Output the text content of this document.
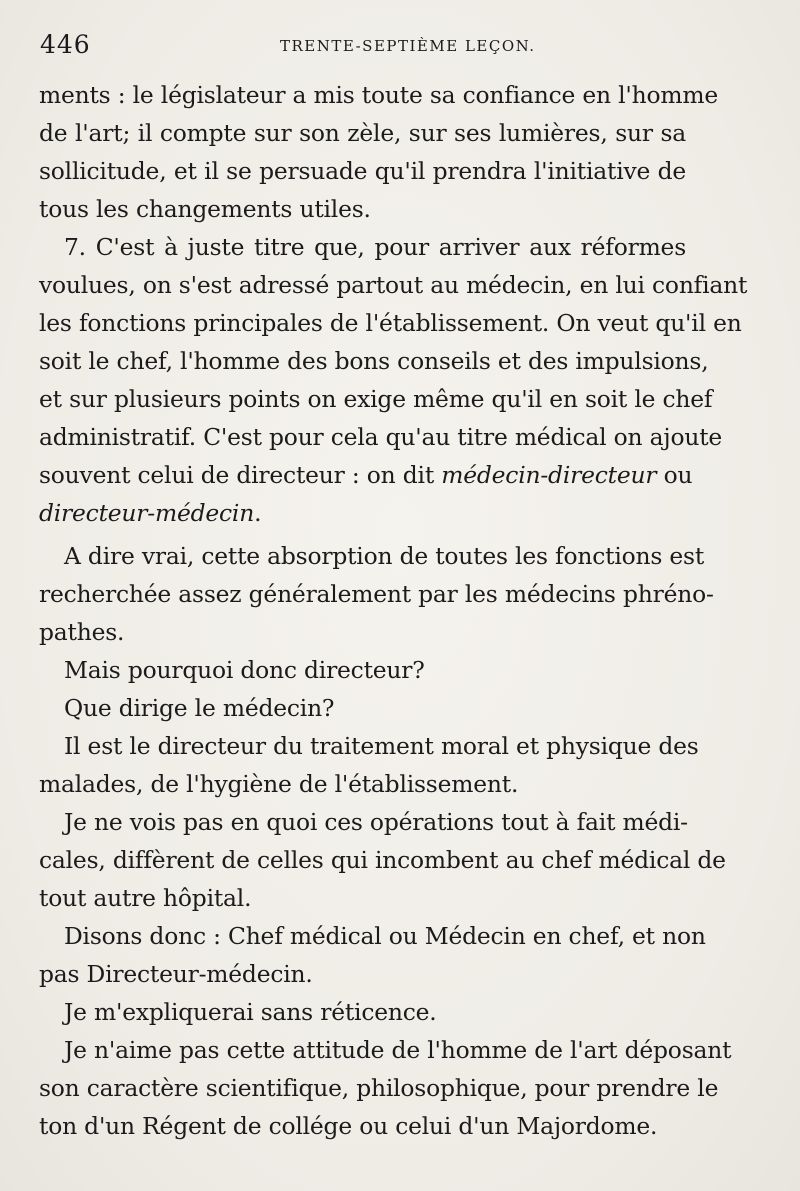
446	TRENTE-SEPTIÈME LEÇON.
ments : le législateur a mis toute sa confiance en l'homme
de l'art; il compte sur son zèle, sur ses lumières, sur sa
sollicitude, et il se persuade qu'il prendra l'initiative de
tous les changements utiles.
7. C'est à juste titre que, pour arriver aux réformes
voulues, on s'est adressé partout au médecin, en lui confiant
les fonctions principales de l'établissement. On veut qu'il en
soit le chef, l'homme des bons conseils et des impulsions,
et sur plusieurs points on exige même qu'il en soit le chef
administratif. C'est pour cela qu'au titre médical on ajoute
souvent celui de directeur : on dit médecin-directeur ou
directeur-médecin.
A dire vrai, cette absorption de toutes les fonctions est
recherchée assez généralement par les médecins phréno-
pathes.
Mais pourquoi donc directeur?
Que dirige le médecin?
Il est le directeur du traitement moral et physique des
malades, de l'hygiène de l'établissement.
Je ne vois pas en quoi ces opérations tout à fait médi-
cales, diffèrent de celles qui incombent au chef médical de
tout autre hôpital.
Disons donc : Chef médical ou Médecin en chef, et non
pas Directeur-médecin.
Je m'expliquerai sans réticence.
Je n'aime pas cette attitude de l'homme de l'art déposant
son caractère scientifique, philosophique, pour prendre le
ton d'un Régent de collége ou celui d'un Majordome.
